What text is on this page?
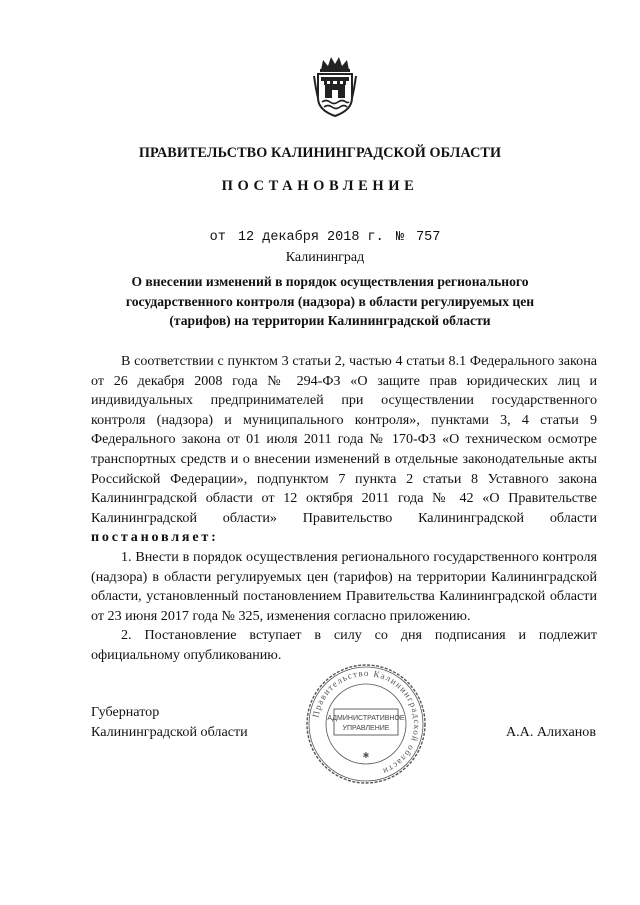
ПРАВИТЕЛЬСТВО КАЛИНИНГРАДСКОЙ ОБЛАСТИ
ПОСТАНОВЛЕНИЕ
от 12 декабря 2018 г. № 757
Калининград
О внесении изменений в порядок осуществления регионального государственного контроля (надзора) в области регулируемых цен (тарифов) на территории Калининградской области

В соответствии с пунктом 3 статьи 2, частью 4 статьи 8.1 Федерального закона от 26 декабря 2008 года № 294-ФЗ «О защите прав юридических лиц и индивидуальных предпринимателей при осуществлении государственного контроля (надзора) и муниципального контроля», пунктами 3, 4 статьи 9 Федерального закона от 01 июля 2011 года № 170-ФЗ «О техническом осмотре транспортных средств и о внесении изменений в отдельные законодательные акты Российской Федерации», подпунктом 7 пункта 2 статьи 8 Уставного закона Калининградской области от 12 октября 2011 года № 42 «О Правительстве Калининградской области» Правительство Калининградской области постановляет:

1. Внести в порядок осуществления регионального государственного контроля (надзора) в области регулируемых цен (тарифов) на территории Калининградской области, установленный постановлением Правительства Калининградской области от 23 июня 2017 года № 325, изменения согласно приложению.

2. Постановление вступает в силу со дня подписания и подлежит официальному опубликованию.

Губернатор
Калининградской области
Правительство Калининградской области
АДМИНИСТРАТИВНОЕ
УПРАВЛЕНИЕ
✱
А.А. Алиханов
